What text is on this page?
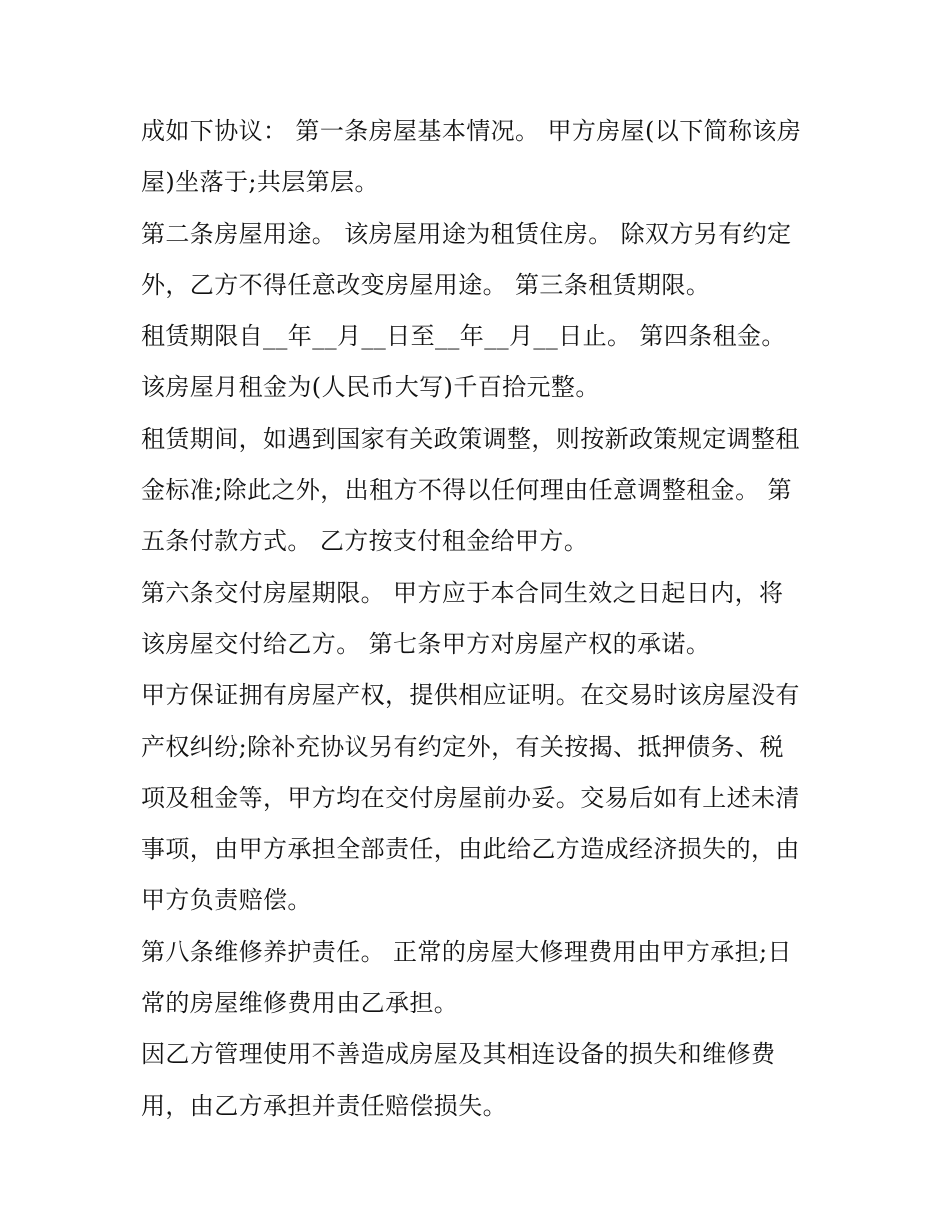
成如下协议： 第一条房屋基本情况。 甲方房屋(以下简称该房
屋)坐落于;共层第层。
第二条房屋用途。 该房屋用途为租赁住房。 除双方另有约定
外，乙方不得任意改变房屋用途。 第三条租赁期限。
租赁期限自__年__月__日至__年__月__日止。 第四条租金。
该房屋月租金为(人民币大写)千百拾元整。
租赁期间，如遇到国家有关政策调整，则按新政策规定调整租
金标准;除此之外，出租方不得以任何理由任意调整租金。 第
五条付款方式。 乙方按支付租金给甲方。
第六条交付房屋期限。 甲方应于本合同生效之日起日内，将
该房屋交付给乙方。 第七条甲方对房屋产权的承诺。
甲方保证拥有房屋产权，提供相应证明。在交易时该房屋没有
产权纠纷;除补充协议另有约定外，有关按揭、抵押债务、税
项及租金等，甲方均在交付房屋前办妥。交易后如有上述未清
事项，由甲方承担全部责任，由此给乙方造成经济损失的，由
甲方负责赔偿。
第八条维修养护责任。 正常的房屋大修理费用由甲方承担;日
常的房屋维修费用由乙承担。
因乙方管理使用不善造成房屋及其相连设备的损失和维修费
用，由乙方承担并责任赔偿损失。
